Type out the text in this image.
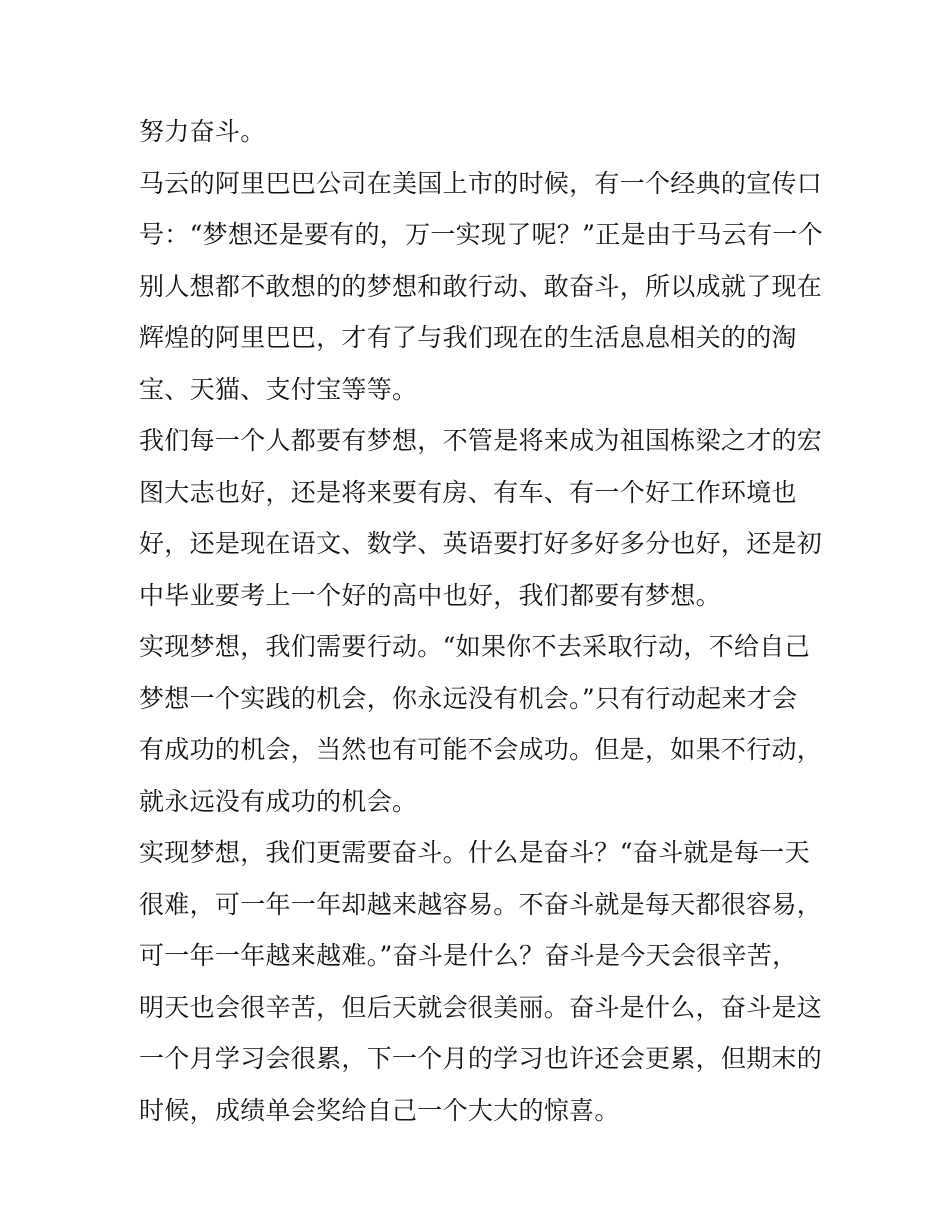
努力奋斗。
马云的阿里巴巴公司在美国上市的时候，有一个经典的宣传口
号：“梦想还是要有的，万一实现了呢？”正是由于马云有一个
别人想都不敢想的的梦想和敢行动、敢奋斗，所以成就了现在
辉煌的阿里巴巴，才有了与我们现在的生活息息相关的的淘
宝、天猫、支付宝等等。
我们每一个人都要有梦想，不管是将来成为祖国栋梁之才的宏
图大志也好，还是将来要有房、有车、有一个好工作环境也
好，还是现在语文、数学、英语要打好多好多分也好，还是初
中毕业要考上一个好的高中也好，我们都要有梦想。
实现梦想，我们需要行动。“如果你不去采取行动，不给自己
梦想一个实践的机会，你永远没有机会。”只有行动起来才会
有成功的机会，当然也有可能不会成功。但是，如果不行动，
就永远没有成功的机会。
实现梦想，我们更需要奋斗。什么是奋斗？“奋斗就是每一天
很难，可一年一年却越来越容易。不奋斗就是每天都很容易，
可一年一年越来越难。”奋斗是什么？奋斗是今天会很辛苦，
明天也会很辛苦，但后天就会很美丽。奋斗是什么，奋斗是这
一个月学习会很累，下一个月的学习也许还会更累，但期末的
时候，成绩单会奖给自己一个大大的惊喜。
